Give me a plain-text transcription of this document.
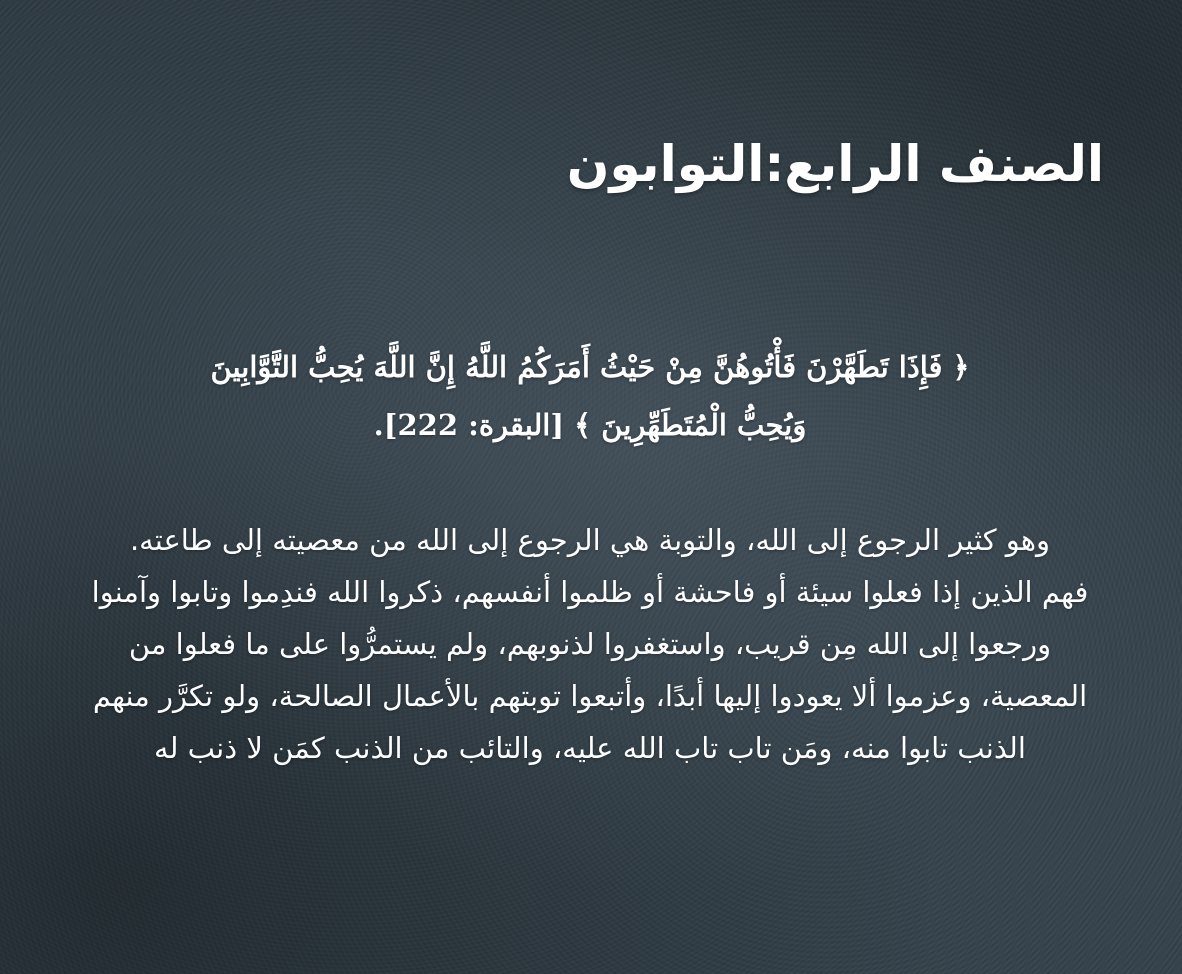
الصنف الرابع:التوابون

﴿ فَإِذَا تَطَهَّرْنَ فَأْتُوهُنَّ مِنْ حَيْثُ أَمَرَكُمُ اللَّهُ إِنَّ اللَّهَ يُحِبُّ التَّوَّابِينَ
وَيُحِبُّ الْمُتَطَهِّرِينَ ﴾ [البقرة: 222].

وهو كثير الرجوع إلى الله، والتوبة هي الرجوع إلى الله من معصيته إلى طاعته.
فهم الذين إذا فعلوا سيئة أو فاحشة أو ظلموا أنفسهم، ذكروا الله فندِموا وتابوا وآمنوا ورجعوا إلى الله مِن قريب، واستغفروا لذنوبهم، ولم يستمرُّوا على ما فعلوا من المعصية، وعزموا ألا يعودوا إليها أبدًا، وأتبعوا توبتهم بالأعمال الصالحة، ولو تكرَّر منهم الذنب تابوا منه، ومَن تاب تاب الله عليه، والتائب من الذنب كمَن لا ذنب له
